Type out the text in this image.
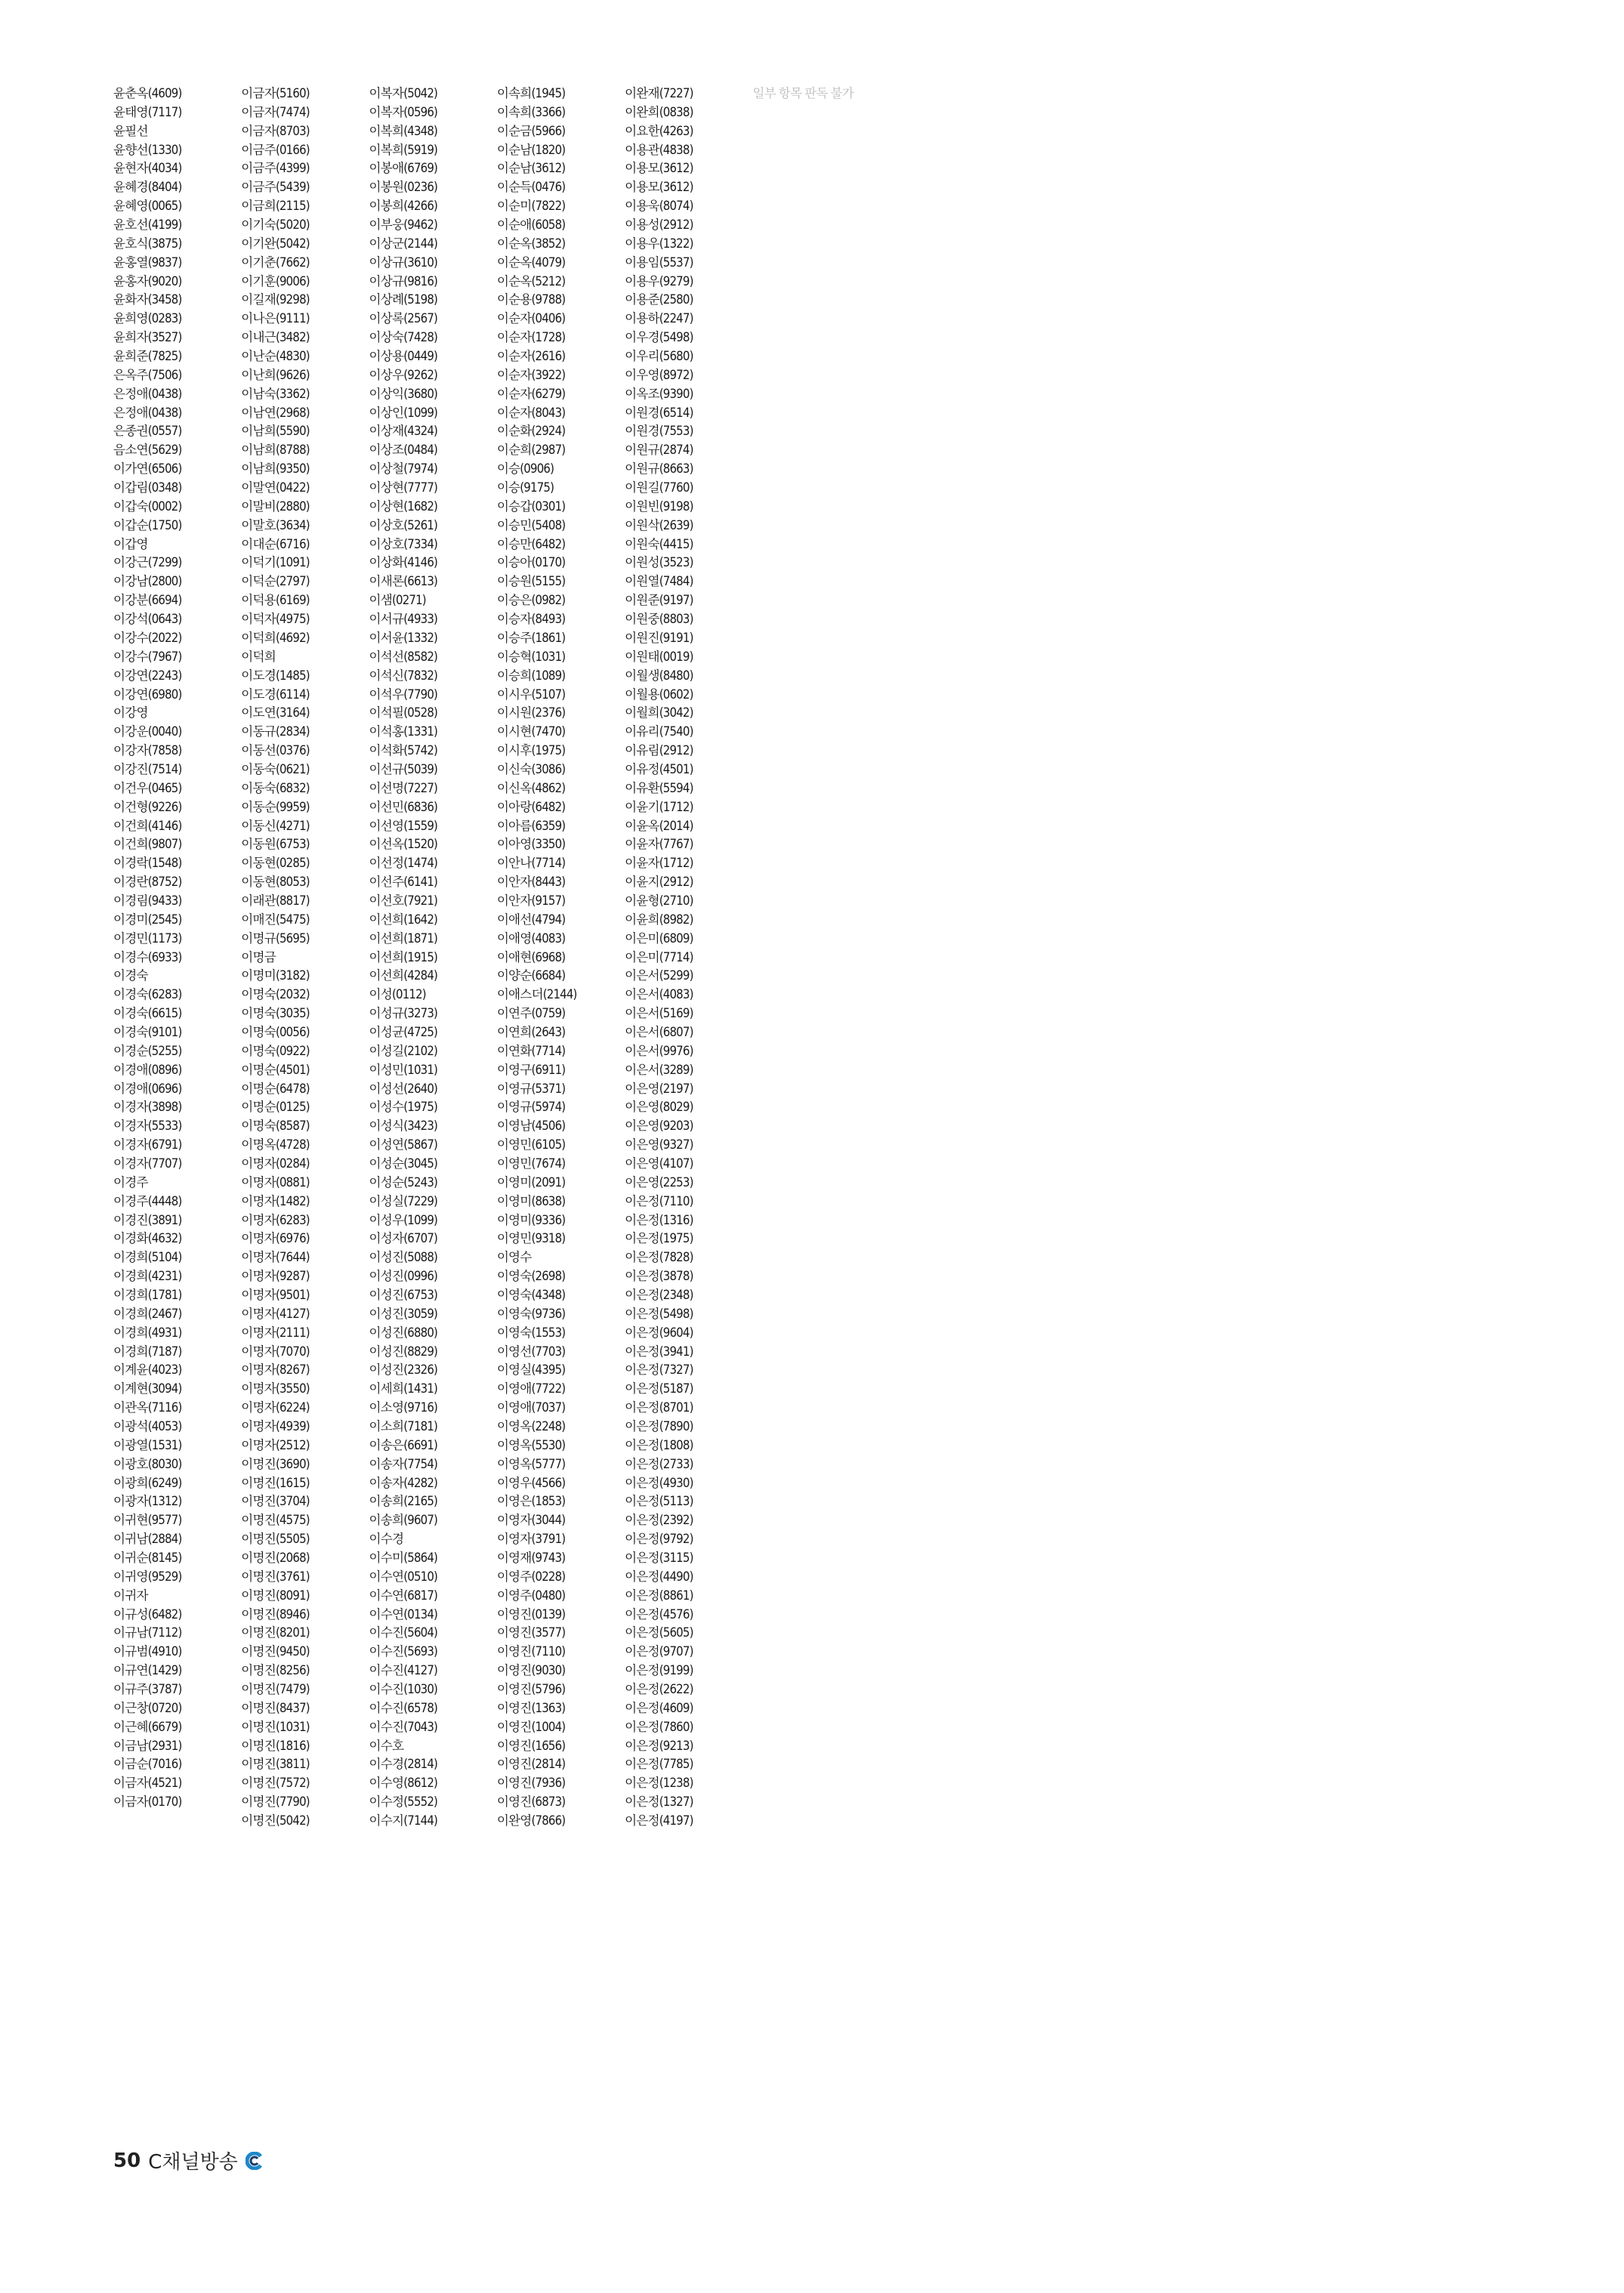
윤춘옥(4609)
윤태영(7117)
윤필선
윤향선(1330)
윤현자(4034)
윤혜경(8404)
윤혜영(0065)
윤호선(4199)
윤호식(3875)
윤홍열(9837)
윤홍자(9020)
윤화자(3458)
윤희영(0283)
윤희자(3527)
윤희준(7825)
은옥주(7506)
은정애(0438)
은정애(0438)
은종권(0557)
음소연(5629)
이가연(6506)
이갑림(0348)
이갑숙(0002)
이갑순(1750)
이갑영
이강근(7299)
이강남(2800)
이강분(6694)
이강석(0643)
이강수(2022)
이강수(7967)
이강연(2243)
이강연(6980)
이강영
이강운(0040)
이강자(7858)
이강진(7514)
이건우(0465)
이건형(9226)
이건희(4146)
이건희(9807)
이경락(1548)
이경란(8752)
이경림(9433)
이경미(2545)
이경민(1173)
이경수(6933)
이경숙
이경숙(6283)
이경숙(6615)
이경숙(9101)
이경순(5255)
이경애(0896)
이경애(0696)
이경자(3898)
이경자(5533)
이경자(6791)
이경자(7707)
이경주
이경주(4448)
이경진(3891)
이경화(4632)
이경희(5104)
이경희(4231)
이경희(1781)
이경희(2467)
이경희(4931)
이경희(7187)
이계윤(4023)
이계현(3094)
이관옥(7116)
이광석(4053)
이광열(1531)
이광호(8030)
이광희(6249)
이광자(1312)
이귀현(9577)
이귀남(2884)
이귀순(8145)
이귀영(9529)
이귀자
이규성(6482)
이규남(7112)
이규범(4910)
이규연(1429)
이규주(3787)
이근창(0720)
이근혜(6679)
이금남(2931)
이금순(7016)
이금자(4521)
이금자(0170)
이금자(5160)
이금자(7474)
이금자(8703)
이금주(0166)
이금주(4399)
이금주(5439)
이금희(2115)
이기숙(5020)
이기완(5042)
이기춘(7662)
이기훈(9006)
이길재(9298)
이나은(9111)
이내근(3482)
이난순(4830)
이난희(9626)
이남숙(3362)
이남연(2968)
이남희(5590)
이남희(8788)
이남희(9350)
이말연(0422)
이말비(2880)
이말호(3634)
이대순(6716)
이덕기(1091)
이덕순(2797)
이덕용(6169)
이덕자(4975)
이덕희(4692)
이덕희
이도경(1485)
이도경(6114)
이도연(3164)
이동규(2834)
이동선(0376)
이동숙(0621)
이동숙(6832)
이동순(9959)
이동신(4271)
이동원(6753)
이동현(0285)
이동현(8053)
이래관(8817)
이매진(5475)
이명규(5695)
이명금
이명미(3182)
이명숙(2032)
이명숙(3035)
이명숙(0056)
이명숙(0922)
이명순(4501)
이명순(6478)
이명순(0125)
이명숙(8587)
이명옥(4728)
이명자(0284)
이명자(0881)
이명자(1482)
이명자(6283)
이명자(6976)
이명자(7644)
이명자(9287)
이명자(9501)
이명자(4127)
이명자(2111)
이명자(7070)
이명자(8267)
이명자(3550)
이명자(6224)
이명자(4939)
이명자(2512)
이명진(3690)
이명진(1615)
이명진(3704)
이명진(4575)
이명진(5505)
이명진(2068)
이명진(3761)
이명진(8091)
이명진(8946)
이명진(8201)
이명진(9450)
이명진(8256)
이명진(7479)
이명진(8437)
이명진(1031)
이명진(1816)
이명진(3811)
이명진(7572)
이명진(7790)
이명진(5042)
이복자(5042)
이복자(0596)
이복희(4348)
이복희(5919)
이봉애(6769)
이봉원(0236)
이봉희(4266)
이부웅(9462)
이상군(2144)
이상규(3610)
이상규(9816)
이상례(5198)
이상록(2567)
이상숙(7428)
이상용(0449)
이상우(9262)
이상익(3680)
이상인(1099)
이상재(4324)
이상조(0484)
이상철(7974)
이상현(7777)
이상현(1682)
이상호(5261)
이상호(7334)
이상화(4146)
이새론(6613)
이샘(0271)
이서규(4933)
이서윤(1332)
이석선(8582)
이석신(7832)
이석우(7790)
이석필(0528)
이석홍(1331)
이석화(5742)
이선규(5039)
이선명(7227)
이선민(6836)
이선영(1559)
이선옥(1520)
이선정(1474)
이선주(6141)
이선호(7921)
이선희(1642)
이선희(1871)
이선희(1915)
이선희(4284)
이성(0112)
이성규(3273)
이성균(4725)
이성길(2102)
이성민(1031)
이성선(2640)
이성수(1975)
이성식(3423)
이성연(5867)
이성순(3045)
이성순(5243)
이성실(7229)
이성우(1099)
이성자(6707)
이성진(5088)
이성진(0996)
이성진(6753)
이성진(3059)
이성진(6880)
이성진(8829)
이성진(2326)
이세희(1431)
이소영(9716)
이소희(7181)
이송은(6691)
이송자(7754)
이송자(4282)
이송희(2165)
이송희(9607)
이수경
이수미(5864)
이수연(0510)
이수연(6817)
이수연(0134)
이수진(5604)
이수진(5693)
이수진(4127)
이수진(1030)
이수진(6578)
이수진(7043)
이수호
이수경(2814)
이수영(8612)
이수정(5552)
이수지(7144)
이속희(1945)
이속희(3366)
이순금(5966)
이순남(1820)
이순남(3612)
이순득(0476)
이순미(7822)
이순애(6058)
이순옥(3852)
이순옥(4079)
이순옥(5212)
이순용(9788)
이순자(0406)
이순자(1728)
이순자(2616)
이순자(3922)
이순자(6279)
이순자(8043)
이순화(2924)
이순희(2987)
이승(0906)
이승(9175)
이승갑(0301)
이승민(5408)
이승만(6482)
이승아(0170)
이승원(5155)
이승은(0982)
이승자(8493)
이승주(1861)
이승혁(1031)
이승희(1089)
이시우(5107)
이시원(2376)
이시현(7470)
이시후(1975)
이신숙(3086)
이신옥(4862)
이아랑(6482)
이아름(6359)
이아영(3350)
이안나(7714)
이안자(8443)
이안자(9157)
이애선(4794)
이애영(4083)
이애현(6968)
이양순(6684)
이애스더(2144)
이연주(0759)
이연희(2643)
이연화(7714)
이영구(6911)
이영규(5371)
이영규(5974)
이영남(4506)
이영민(6105)
이영민(7674)
이영미(2091)
이영미(8638)
이영미(9336)
이영민(9318)
이영수
이영숙(2698)
이영숙(4348)
이영숙(9736)
이영숙(1553)
이영선(7703)
이영실(4395)
이영애(7722)
이영애(7037)
이영옥(2248)
이영옥(5530)
이영옥(5777)
이영우(4566)
이영은(1853)
이영자(3044)
이영자(3791)
이영재(9743)
이영주(0228)
이영주(0480)
이영진(0139)
이영진(3577)
이영진(7110)
이영진(9030)
이영진(5796)
이영진(1363)
이영진(1004)
이영진(1656)
이영진(2814)
이영진(7936)
이영진(6873)
이완영(7866)
이완재(7227)
이완희(0838)
이요한(4263)
이용관(4838)
이용모(3612)
이용모(3612)
이용욱(8074)
이용성(2912)
이용우(1322)
이용임(5537)
이용우(9279)
이용준(2580)
이용하(2247)
이우경(5498)
이우리(5680)
이우영(8972)
이옥조(9390)
이원경(6514)
이원경(7553)
이원규(2874)
이원규(8663)
이원길(7760)
이원빈(9198)
이원삭(2639)
이원숙(4415)
이원성(3523)
이원열(7484)
이원준(9197)
이원중(8803)
이원진(9191)
이원태(0019)
이월생(8480)
이월용(0602)
이월희(3042)
이유리(7540)
이유림(2912)
이유정(4501)
이유환(5594)
이윤기(1712)
이윤옥(2014)
이윤자(7767)
이윤자(1712)
이윤지(2912)
이윤형(2710)
이윤희(8982)
이은미(6809)
이은미(7714)
이은서(5299)
이은서(4083)
이은서(5169)
이은서(6807)
이은서(9976)
이은서(3289)
이은영(2197)
이은영(8029)
이은영(9203)
이은영(9327)
이은영(4107)
이은영(2253)
이은정(7110)
이은정(1316)
이은정(1975)
이은정(7828)
이은정(3878)
이은정(2348)
이은정(5498)
이은정(9604)
이은정(3941)
이은정(7327)
이은정(5187)
이은정(8701)
이은정(7890)
이은정(1808)
이은정(2733)
이은정(4930)
이은정(5113)
이은정(2392)
이은정(9792)
이은정(3115)
이은정(4490)
이은정(8861)
이은정(4576)
이은정(5605)
이은정(9707)
이은정(9199)
이은정(2622)
이은정(4609)
이은정(7860)
이은정(9213)
이은정(7785)
이은정(1238)
이은정(1327)
이은정(4197)
일부 항목 판독 불가
50 C채널방송
